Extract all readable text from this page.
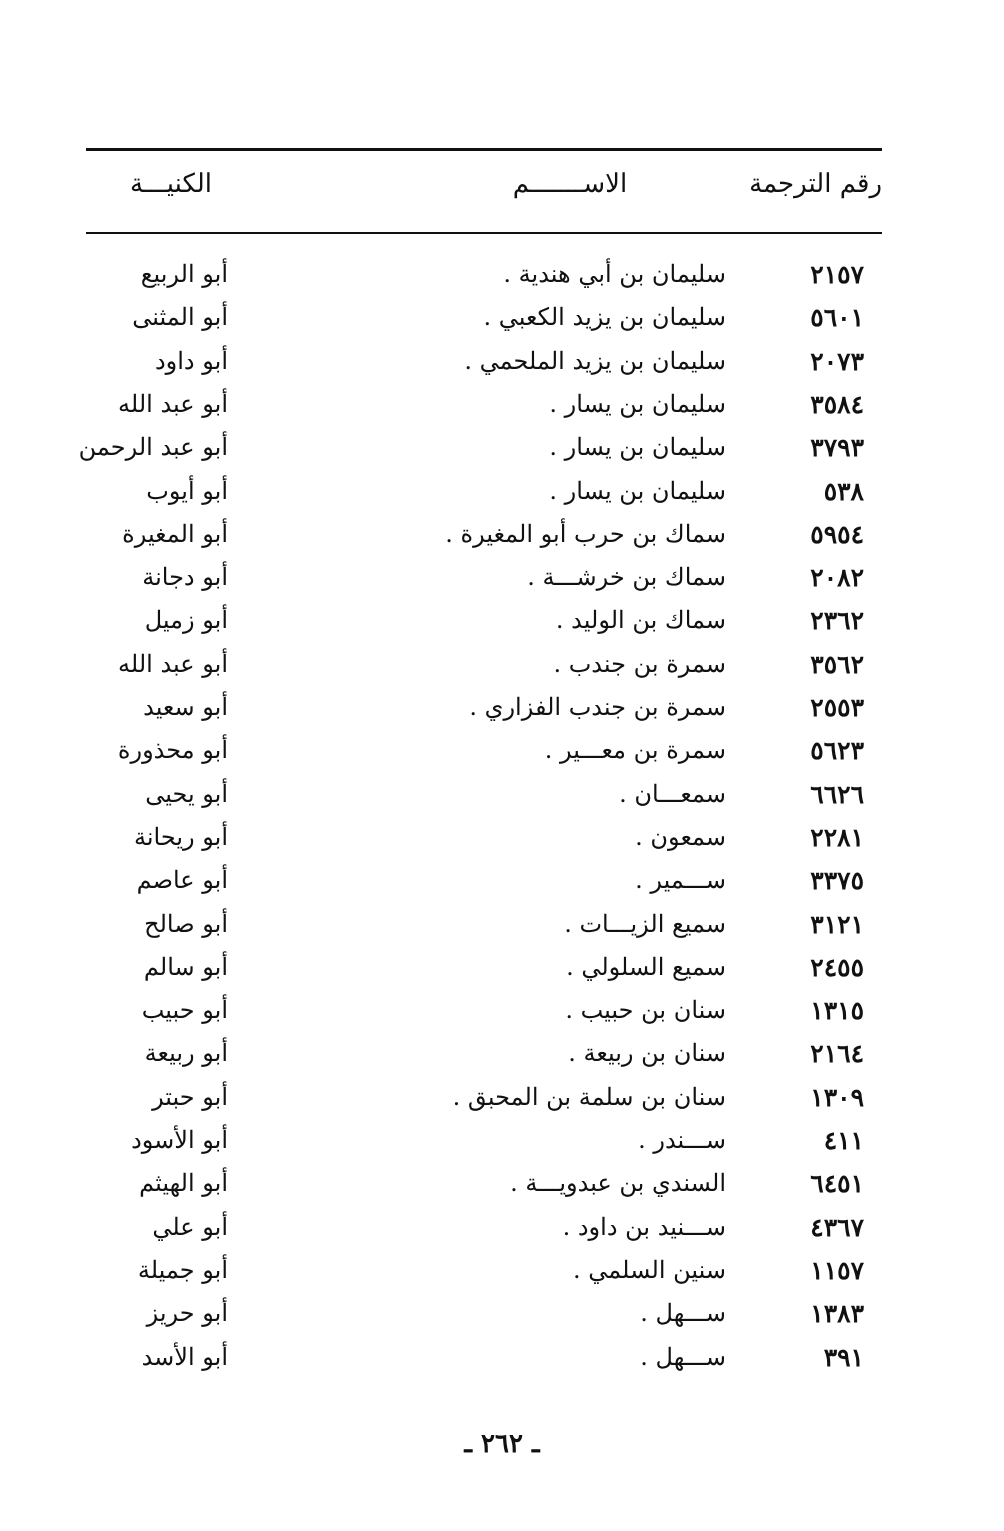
رقم الترجمة
الاســـــــم
الكنيـــة
٢١٥٧
سليمان بن أبي هندية .
أبو الربيع
٥٦٠١
سليمان بن يزيد الكعبي .
أبو المثنى
٢٠٧٣
سليمان بن يزيد الملحمي .
أبو داود
٣٥٨٤
سليمان بن يسار .
أبو عبد الله
٣٧٩٣
سليمان بن يسار .
أبو عبد الرحمن
٥٣٨
سليمان بن يسار .
أبو أيوب
٥٩٥٤
سماك بن حرب أبو المغيرة .
أبو المغيرة
٢٠٨٢
سماك بن خرشـــة .
أبو دجانة
٢٣٦٢
سماك بن الوليد .
أبو زميل
٣٥٦٢
سمرة بن جندب .
أبو عبد الله
٢٥٥٣
سمرة بن جندب الفزاري .
أبو سعيد
٥٦٢٣
سمرة بن معـــير .
أبو محذورة
٦٦٢٦
سمعـــان .
أبو يحيى
٢٢٨١
سمعون .
أبو ريحانة
٣٣٧٥
ســـمير .
أبو عاصم
٣١٢١
سميع الزيـــات .
أبو صالح
٢٤٥٥
سميع السلولي .
أبو سالم
١٣١٥
سنان بن حبيب .
أبو حبيب
٢١٦٤
سنان بن ربيعة .
أبو ربيعة
١٣٠٩
سنان بن سلمة بن المحبق .
أبو حبتر
٤١١
ســـندر .
أبو الأسود
٦٤٥١
السندي بن عبدويـــة .
أبو الهيثم
٤٣٦٧
ســـنيد بن داود .
أبو علي
١١٥٧
سنين السلمي .
أبو جميلة
١٣٨٣
ســـهل .
أبو حريز
٣٩١
ســـهل .
أبو الأسد
ـ ٢٦٢ ـ
